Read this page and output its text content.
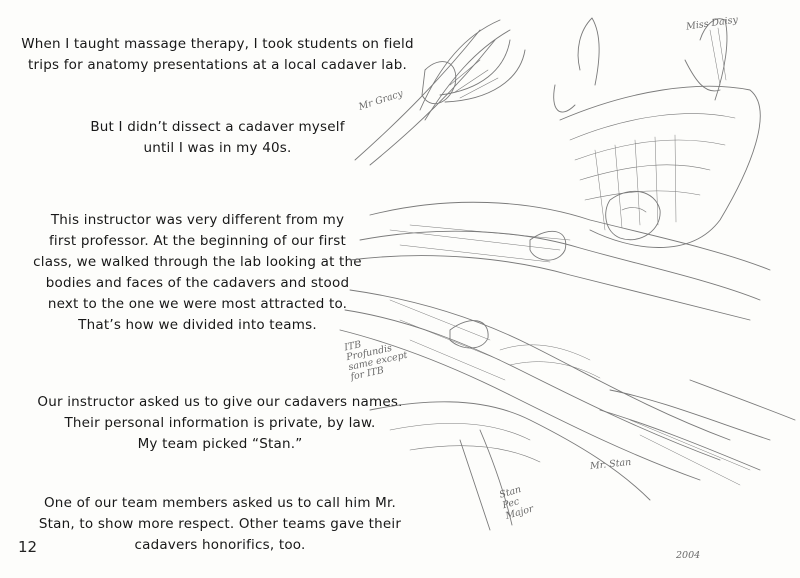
When I taught massage therapy, I took students on field
trips for anatomy presentations at a local cadaver lab.
But I didn’t dissect a cadaver myself
until I was in my 40s.
This instructor was very different from my
first professor. At the beginning of our first
class, we walked through the lab looking at the
bodies and faces of the cadavers and stood
next to the one we were most attracted to.
That’s how we divided into teams.
Our instructor asked us to give our cadavers names.
Their personal information is private, by law.
My team picked “Stan.”
One of our team members asked us to call him Mr.
Stan, to show more respect. Other teams gave their
cadavers honorifics, too.
12
Mr Gracy
Miss Daisy
ITB Profundis same except for ITB
Mr. Stan
Stan Pec Major
2004
